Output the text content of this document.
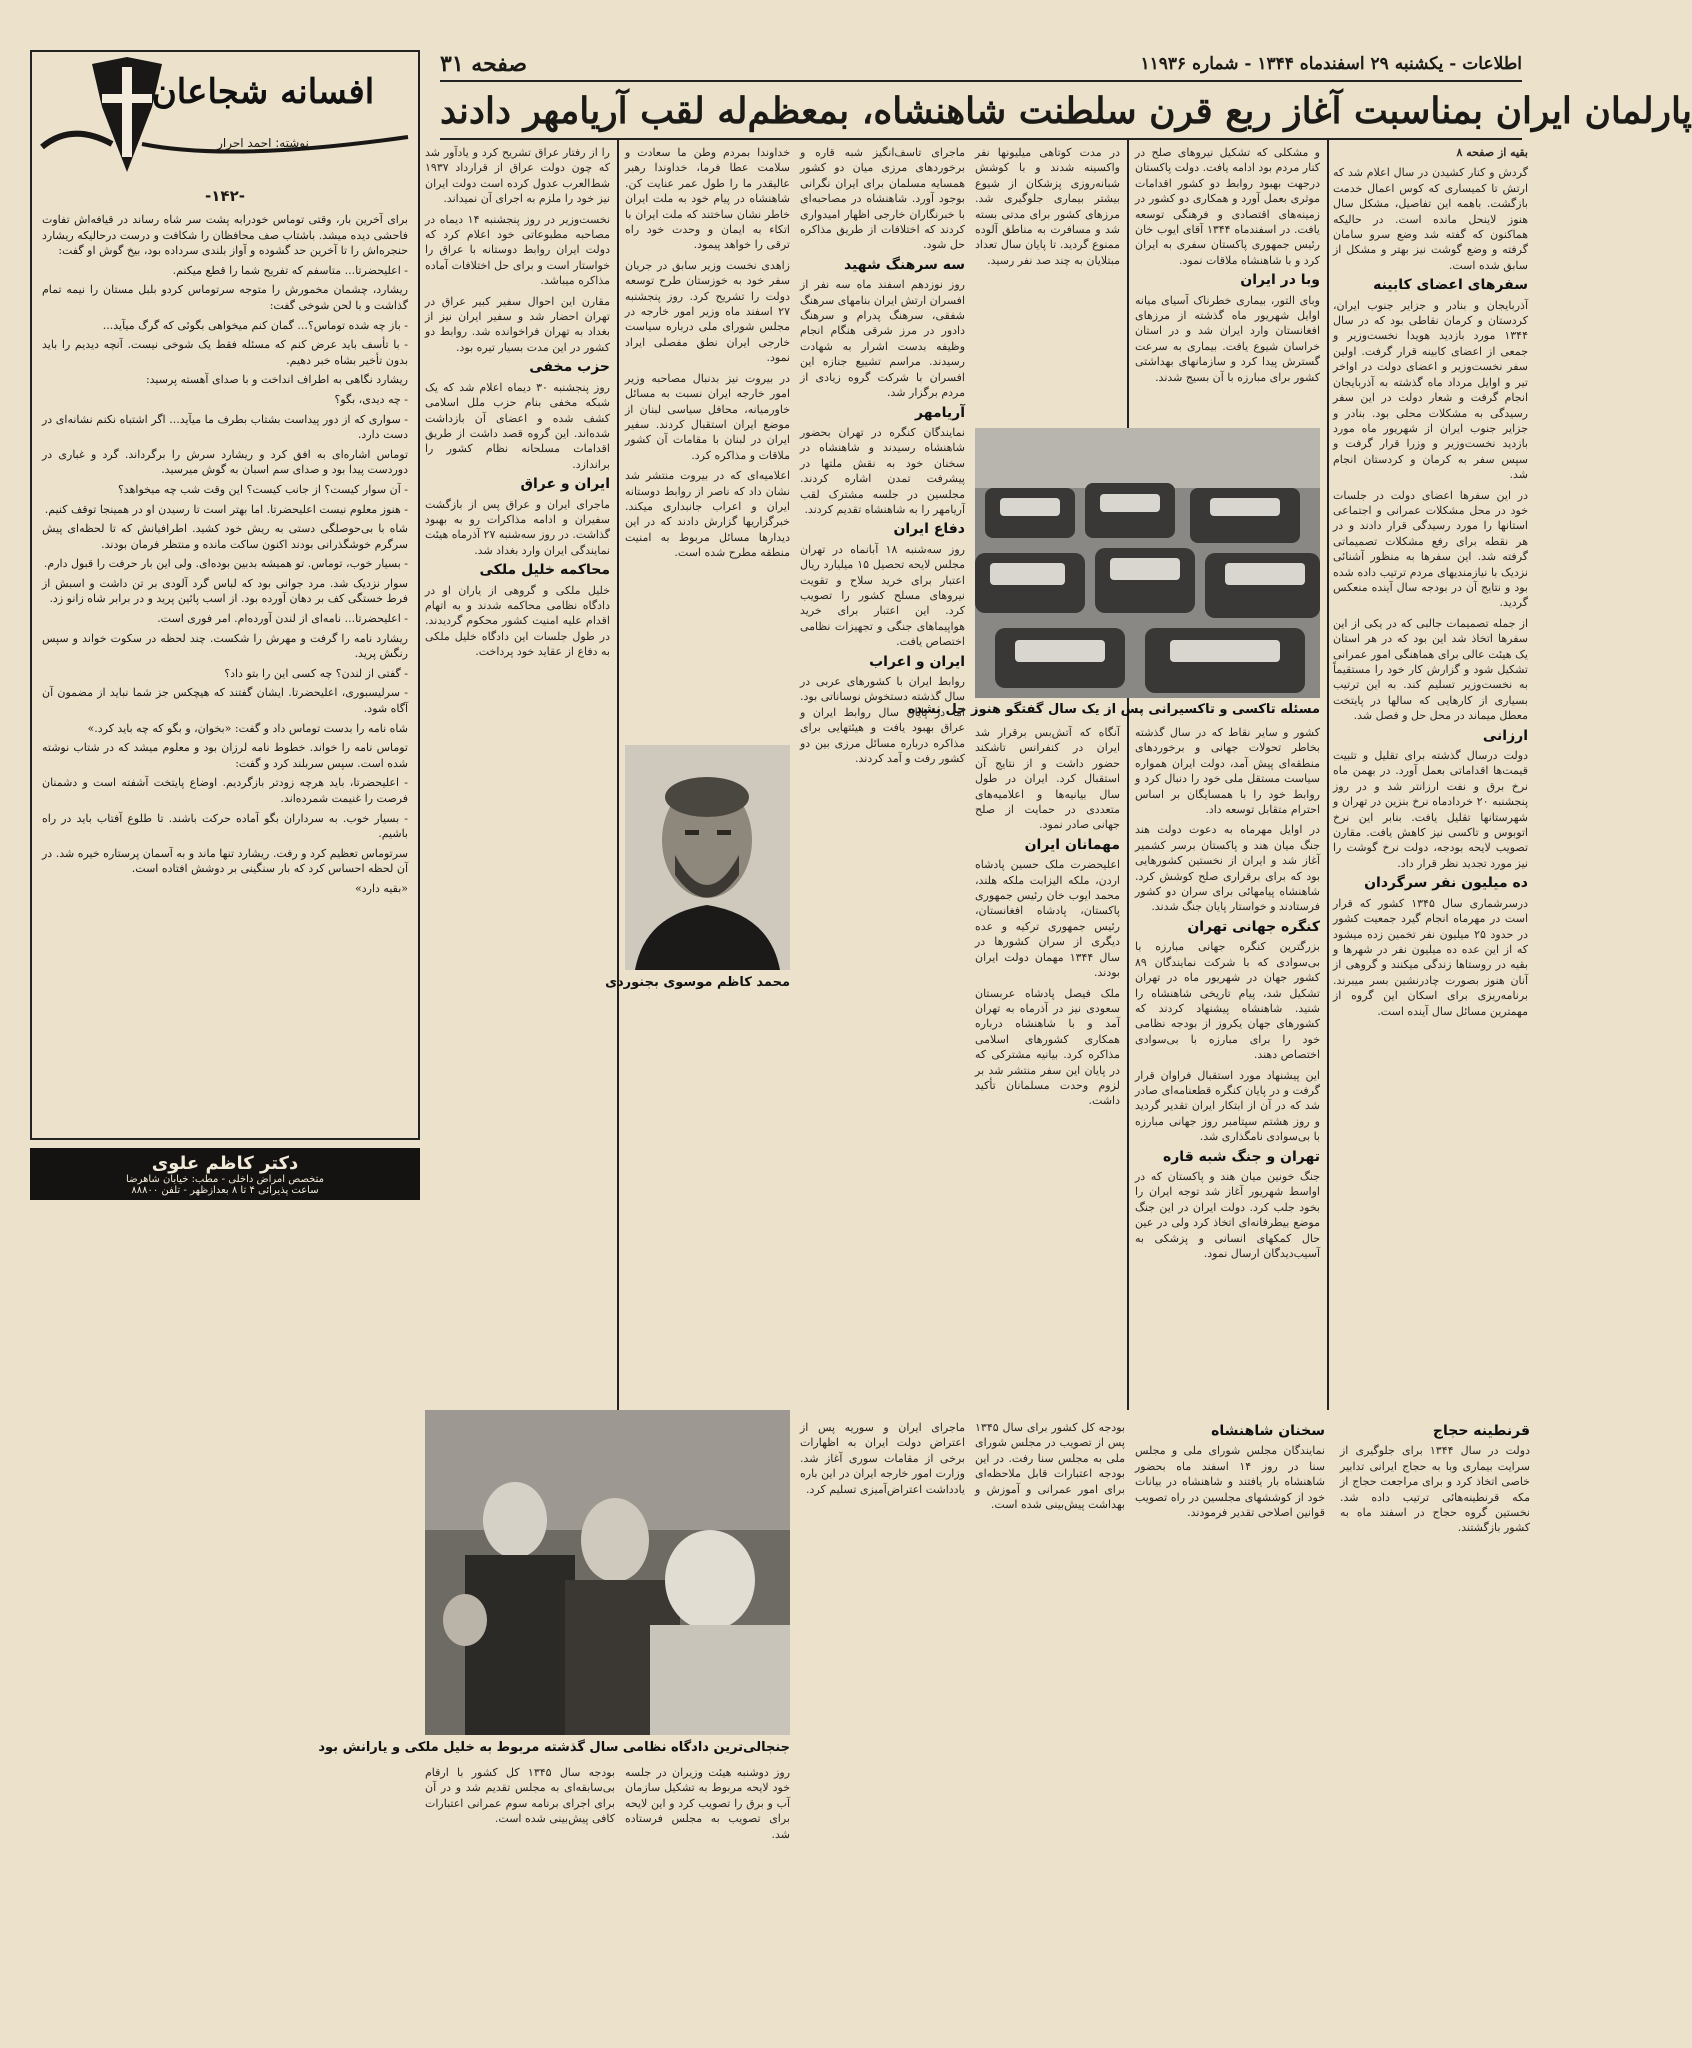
اطلاعات - یکشنبه ۲۹ اسفندماه ۱۳۴۴ - شماره ۱۱۹۳۶
صفحه ۳۱
پارلمان ایران بمناسبت آغاز ربع قرن سلطنت شاهنشاه، بمعظم‌له لقب آریامهر دادند

بقیه از صفحه ۸

گردش و کنار کشیدن در سال اعلام شد که ارتش تا کمیساری که کوس اعمال خدمت بازگشت. باهمه این تفاصیل، مشکل سال هنوز لاینحل مانده است. در حالیکه هماکنون که گفته شد وضع سرو سامان گرفته و وضع گوشت نیز بهتر و مشکل از سابق شده است.

سفرهای اعضای کابینه

آذربایجان و بنادر و جزایر جنوب ایران، کردستان و کرمان نقاطی بود که در سال ۱۳۴۴ مورد بازدید هویدا نخست‌وزیر و جمعی از اعضای کابینه قرار گرفت. اولین سفر نخست‌وزیر و اعضای دولت در اواخر تیر و اوایل مرداد ماه گذشته به آذربایجان انجام گرفت و شعار دولت در این سفر رسیدگی به مشکلات محلی بود. بنادر و جزایر جنوب ایران از شهریور ماه مورد بازدید نخست‌وزیر و وزرا قرار گرفت و سپس سفر به کرمان و کردستان انجام شد.

در این سفرها اعضای دولت در جلسات خود در محل مشکلات عمرانی و اجتماعی استانها را مورد رسیدگی قرار دادند و در هر نقطه برای رفع مشکلات تصمیماتی گرفته شد. این سفرها به منظور آشنائی نزدیک با نیازمندیهای مردم ترتیب داده شده بود و نتایج آن در بودجه سال آینده منعکس گردید.

از جمله تصمیمات جالبی که در یکی از این سفرها اتخاذ شد این بود که در هر استان یک هیئت عالی برای هماهنگی امور عمرانی تشکیل شود و گزارش کار خود را مستقیماً به نخست‌وزیر تسلیم کند. به این ترتیب بسیاری از کارهایی که سالها در پایتخت معطل میماند در محل حل و فصل شد.

ارزانی

دولت درسال گذشته برای تقلیل و تثبیت قیمت‌ها اقداماتی بعمل آورد. در بهمن ماه نرخ برق و نفت ارزانتر شد و در روز پنجشنبه ۲۰ خردادماه نرخ بنزین در تهران و شهرستانها تقلیل یافت. بنابر این نرخ اتوبوس و تاکسی نیز کاهش یافت. مقارن تصویب لایحه بودجه، دولت نرخ گوشت را نیز مورد تجدید نظر قرار داد.

ده میلیون نفر سرگردان

درسرشماری سال ۱۳۴۵ کشور که قرار است در مهرماه انجام گیرد جمعیت کشور در حدود ۲۵ میلیون نفر تخمین زده میشود که از این عده ده میلیون نفر در شهرها و بقیه در روستاها زندگی میکنند و گروهی از آنان هنوز بصورت چادرنشین بسر میبرند. برنامه‌ریزی برای اسکان این گروه از مهمترین مسائل سال آینده است.

و مشکلی که تشکیل نیروهای صلح در کنار مردم بود ادامه یافت. دولت پاکستان درجهت بهبود روابط دو کشور اقدامات موثری بعمل آورد و همکاری دو کشور در زمینه‌های اقتصادی و فرهنگی توسعه یافت. در اسفندماه ۱۳۴۴ آقای ایوب خان رئیس جمهوری پاکستان سفری به ایران کرد و با شاهنشاه ملاقات نمود.

وبا در ایران

وبای التور، بیماری خطرناک آسیای میانه اوایل شهریور ماه گذشته از مرزهای افغانستان وارد ایران شد و در استان خراسان شیوع یافت. بیماری به سرعت گسترش پیدا کرد و سازمانهای بهداشتی کشور برای مبارزه با آن بسیج شدند.

در مدت کوتاهی میلیونها نفر واکسینه شدند و با کوشش شبانه‌روزی پزشکان از شیوع بیشتر بیماری جلوگیری شد. مرزهای کشور برای مدتی بسته شد و مسافرت به مناطق آلوده ممنوع گردید. تا پایان سال تعداد مبتلایان به چند صد نفر رسید.

مسئله تاکسی و تاکسیرانی پس از یک سال گفتگو هنوز حل نشده

کشور و سایر نقاط که در سال گذشته بخاطر تحولات جهانی و برخوردهای منطقه‌ای پیش آمد، دولت ایران همواره سیاست مستقل ملی خود را دنبال کرد و روابط خود را با همسایگان بر اساس احترام متقابل توسعه داد.

در اوایل مهرماه به دعوت دولت هند جنگ میان هند و پاکستان برسر کشمیر آغاز شد و ایران از نخستین کشورهایی بود که برای برقراری صلح کوشش کرد. شاهنشاه پیامهائی برای سران دو کشور فرستادند و خواستار پایان جنگ شدند.

کنگره جهانی تهران

بزرگترین کنگره جهانی مبارزه با بی‌سوادی که با شرکت نمایندگان ۸۹ کشور جهان در شهریور ماه در تهران تشکیل شد، پیام تاریخی شاهنشاه را شنید. شاهنشاه پیشنهاد کردند که کشورهای جهان یکروز از بودجه نظامی خود را برای مبارزه با بی‌سوادی اختصاص دهند.

این پیشنهاد مورد استقبال فراوان قرار گرفت و در پایان کنگره قطعنامه‌ای صادر شد که در آن از ابتکار ایران تقدیر گردید و روز هشتم سپتامبر روز جهانی مبارزه با بی‌سوادی نامگذاری شد.

تهران و جنگ شبه قاره

جنگ خونین میان هند و پاکستان که در اواسط شهریور آغاز شد توجه ایران را بخود جلب کرد. دولت ایران در این جنگ موضع بیطرفانه‌ای اتخاذ کرد ولی در عین حال کمکهای انسانی و پزشکی به آسیب‌دیدگان ارسال نمود.

آنگاه که آتش‌بس برقرار شد ایران در کنفرانس تاشکند حضور داشت و از نتایج آن استقبال کرد. ایران در طول سال بیانیه‌ها و اعلامیه‌های متعددی در حمایت از صلح جهانی صادر نمود.

مهمانان ایران

اعلیحضرت ملک حسین پادشاه اردن، ملکه الیزابت ملکه هلند، محمد ایوب خان رئیس جمهوری پاکستان، پادشاه افغانستان، رئیس جمهوری ترکیه و عده دیگری از سران کشورها در سال ۱۳۴۴ مهمان دولت ایران بودند.

ملک فیصل پادشاه عربستان سعودی نیز در آذرماه به تهران آمد و با شاهنشاه درباره همکاری کشورهای اسلامی مذاکره کرد. بیانیه مشترکی که در پایان این سفر منتشر شد بر لزوم وحدت مسلمانان تأکید داشت.

ماجرای تاسف‌انگیز شبه قاره و برخوردهای مرزی میان دو کشور همسایه مسلمان برای ایران نگرانی بوجود آورد. شاهنشاه در مصاحبه‌ای با خبرنگاران خارجی اظهار امیدواری کردند که اختلافات از طریق مذاکره حل شود.

سه سرهنگ شهید

روز نوزدهم اسفند ماه سه نفر از افسران ارتش ایران بنامهای سرهنگ شفقی، سرهنگ پدرام و سرهنگ دادور در مرز شرقی هنگام انجام وظیفه بدست اشرار به شهادت رسیدند. مراسم تشییع جنازه این افسران با شرکت گروه زیادی از مردم برگزار شد.

آریامهر

نمایندگان کنگره در تهران بحضور شاهنشاه رسیدند و شاهنشاه در سخنان خود به نقش ملتها در پیشرفت تمدن اشاره کردند. مجلسین در جلسه مشترک لقب آریامهر را به شاهنشاه تقدیم کردند.

دفاع ایران

روز سه‌شنبه ۱۸ آبانماه در تهران مجلس لایحه تحصیل ۱۵ میلیارد ریال اعتبار برای خرید سلاح و تقویت نیروهای مسلح کشور را تصویب کرد. این اعتبار برای خرید هواپیماهای جنگی و تجهیزات نظامی اختصاص یافت.

ایران و اعراب

روابط ایران با کشورهای عربی در سال گذشته دستخوش نوساناتی بود. اما در پایان سال روابط ایران و عراق بهبود یافت و هیئتهایی برای مذاکره درباره مسائل مرزی بین دو کشور رفت و آمد کردند.

خداوندا بمردم وطن ما سعادت و سلامت عطا فرما، خداوندا رهبر عالیقدر ما را طول عمر عنایت کن. شاهنشاه در پیام خود به ملت ایران خاطر نشان ساختند که ملت ایران با اتکاء به ایمان و وحدت خود راه ترقی را خواهد پیمود.

زاهدی نخست وزیر سابق در جریان سفر خود به خوزستان طرح توسعه دولت را تشریح کرد. روز پنجشنبه ۲۷ اسفند ماه وزیر امور خارجه در مجلس شورای ملی درباره سیاست خارجی ایران نطق مفصلی ایراد نمود.

در بیروت نیز بدنبال مصاحبه وزیر امور خارجه ایران نسبت به مسائل خاورمیانه، محافل سیاسی لبنان از موضع ایران استقبال کردند. سفیر ایران در لبنان با مقامات آن کشور ملاقات و مذاکره کرد.

اعلامیه‌ای که در بیروت منتشر شد نشان داد که ناصر از روابط دوستانه ایران و اعراب جانبداری میکند. خبرگزاریها گزارش دادند که در این دیدارها مسائل مربوط به امنیت منطقه مطرح شده است.

محمد کاظم موسوی بجنوردی

را از رفتار عراق تشریح کرد و یادآور شد که چون دولت عراق از قرارداد ۱۹۳۷ شط‌العرب عدول کرده است دولت ایران نیز خود را ملزم به اجرای آن نمیداند.

نخست‌وزیر در روز پنجشنبه ۱۴ دیماه در مصاحبه مطبوعاتی خود اعلام کرد که دولت ایران روابط دوستانه با عراق را خواستار است و برای حل اختلافات آماده مذاکره میباشد.

مقارن این احوال سفیر کبیر عراق در تهران احضار شد و سفیر ایران نیز از بغداد به تهران فراخوانده شد. روابط دو کشور در این مدت بسیار تیره بود.

حزب مخفی

روز پنجشنبه ۳۰ دیماه اعلام شد که یک شبکه مخفی بنام حزب ملل اسلامی کشف شده و اعضای آن بازداشت شده‌اند. این گروه قصد داشت از طریق اقدامات مسلحانه نظام کشور را براندازد.

ایران و عراق

ماجرای ایران و عراق پس از بازگشت سفیران و ادامه مذاکرات رو به بهبود گذاشت. در روز سه‌شنبه ۲۷ آذرماه هیئت نمایندگی ایران وارد بغداد شد.

محاکمه خلیل ملکی

خلیل ملکی و گروهی از یاران او در دادگاه نظامی محاکمه شدند و به اتهام اقدام علیه امنیت کشور محکوم گردیدند. در طول جلسات این دادگاه خلیل ملکی به دفاع از عقاید خود پرداخت.

جنجالی‌ترین دادگاه نظامی سال گذشته مربوط به خلیل ملکی و یارانش بود
قرنطینه حجاج

دولت در سال ۱۳۴۴ برای جلوگیری از سرایت بیماری وبا به حجاج ایرانی تدابیر خاصی اتخاذ کرد و برای مراجعت حجاج از مکه قرنطینه‌هائی ترتیب داده شد. نخستین گروه حجاج در اسفند ماه به کشور بازگشتند.

سخنان شاهنشاه

نمایندگان مجلس شورای ملی و مجلس سنا در روز ۱۴ اسفند ماه بحضور شاهنشاه بار یافتند و شاهنشاه در بیانات خود از کوششهای مجلسین در راه تصویب قوانین اصلاحی تقدیر فرمودند.

بودجه کل کشور برای سال ۱۳۴۵ پس از تصویب در مجلس شورای ملی به مجلس سنا رفت. در این بودجه اعتبارات قابل ملاحظه‌ای برای امور عمرانی و آموزش و بهداشت پیش‌بینی شده است.

ماجرای ایران و سوریه پس از اعتراض دولت ایران به اظهارات برخی از مقامات سوری آغاز شد. وزارت امور خارجه ایران در این باره یادداشت اعتراض‌آمیزی تسلیم کرد.

روز دوشنبه هیئت وزیران در جلسه خود لایحه مربوط به تشکیل سازمان آب و برق را تصویب کرد و این لایحه برای تصویب به مجلس فرستاده شد.

بودجه سال ۱۳۴۵ کل کشور با ارقام بی‌سابقه‌ای به مجلس تقدیم شد و در آن برای اجرای برنامه سوم عمرانی اعتبارات کافی پیش‌بینی شده است.

افسانه شجاعان
نوشته: احمد احرار
-۱۴۲-

برای آخرین بار، وقتی توماس خودرابه پشت سر شاه رساند در قیافه‌اش تفاوت فاحشی دیده میشد. باشتاب صف محافظان را شکافت و درست درحالیکه ریشارد حنجره‌اش را تا آخرین حد گشوده و آواز بلندی سرداده بود، بیخ گوش او گفت:

- اعلیحضرتا... متاسفم که تفریح شما را قطع میکنم.

ریشارد، چشمان مخمورش را متوجه سرتوماس کردو بلبل مستان را نیمه تمام گذاشت و با لحن شوخی گفت:

- باز چه شده توماس؟... گمان کنم میخواهی بگوئی که گرگ میآید...

- با تأسف باید عرض کنم که مسئله فقط یک شوخی نیست. آنچه دیدیم را باید بدون تأخیر بشاه خبر دهیم.

ریشارد نگاهی به اطراف انداخت و با صدای آهسته پرسید:

- چه دیدی، بگو؟

- سواری که از دور پیداست بشتاب بطرف ما میآید... اگر اشتباه نکنم نشانه‌ای در دست دارد.

توماس اشاره‌ای به افق کرد و ریشارد سرش را برگرداند. گرد و غباری در دوردست پیدا بود و صدای سم اسبان به گوش میرسید.

- آن سوار کیست؟ از جانب کیست؟ این وقت شب چه میخواهد؟

- هنوز معلوم نیست اعلیحضرتا. اما بهتر است تا رسیدن او در همینجا توقف کنیم.

شاه با بی‌حوصلگی دستی به ریش خود کشید. اطرافیانش که تا لحظه‌ای پیش سرگرم خوشگذرانی بودند اکنون ساکت مانده و منتظر فرمان بودند.

- بسیار خوب، توماس. تو همیشه بدبین بوده‌ای. ولی این بار حرفت را قبول دارم.

سوار نزدیک شد. مرد جوانی بود که لباس گرد آلودی بر تن داشت و اسبش از فرط خستگی کف بر دهان آورده بود. از اسب پائین پرید و در برابر شاه زانو زد.

- اعلیحضرتا... نامه‌ای از لندن آورده‌ام. امر فوری است.

ریشارد نامه را گرفت و مهرش را شکست. چند لحظه در سکوت خواند و سپس رنگش پرید.

- گفتی از لندن؟ چه کسی این را بتو داد؟

- سرلیسبوری، اعلیحضرتا. ایشان گفتند که هیچکس جز شما نباید از مضمون آن آگاه شود.

شاه نامه را بدست توماس داد و گفت: «بخوان، و بگو که چه باید کرد.»

توماس نامه را خواند. خطوط نامه لرزان بود و معلوم میشد که در شتاب نوشته شده است. سپس سربلند کرد و گفت:

- اعلیحضرتا، باید هرچه زودتر بازگردیم. اوضاع پایتخت آشفته است و دشمنان فرصت را غنیمت شمرده‌اند.

- بسیار خوب. به سرداران بگو آماده حرکت باشند. تا طلوع آفتاب باید در راه باشیم.

سرتوماس تعظیم کرد و رفت. ریشارد تنها ماند و به آسمان پرستاره خیره شد. در آن لحظه احساس کرد که بار سنگینی بر دوشش افتاده است.

«بقیه دارد»

دکتر کاظم علوی
متخصص امراض داخلی - مطب: خیابان شاهرضا
ساعت پذیرائی ۴ تا ۸ بعدازظهر - تلفن ۸۸۸۰۰
